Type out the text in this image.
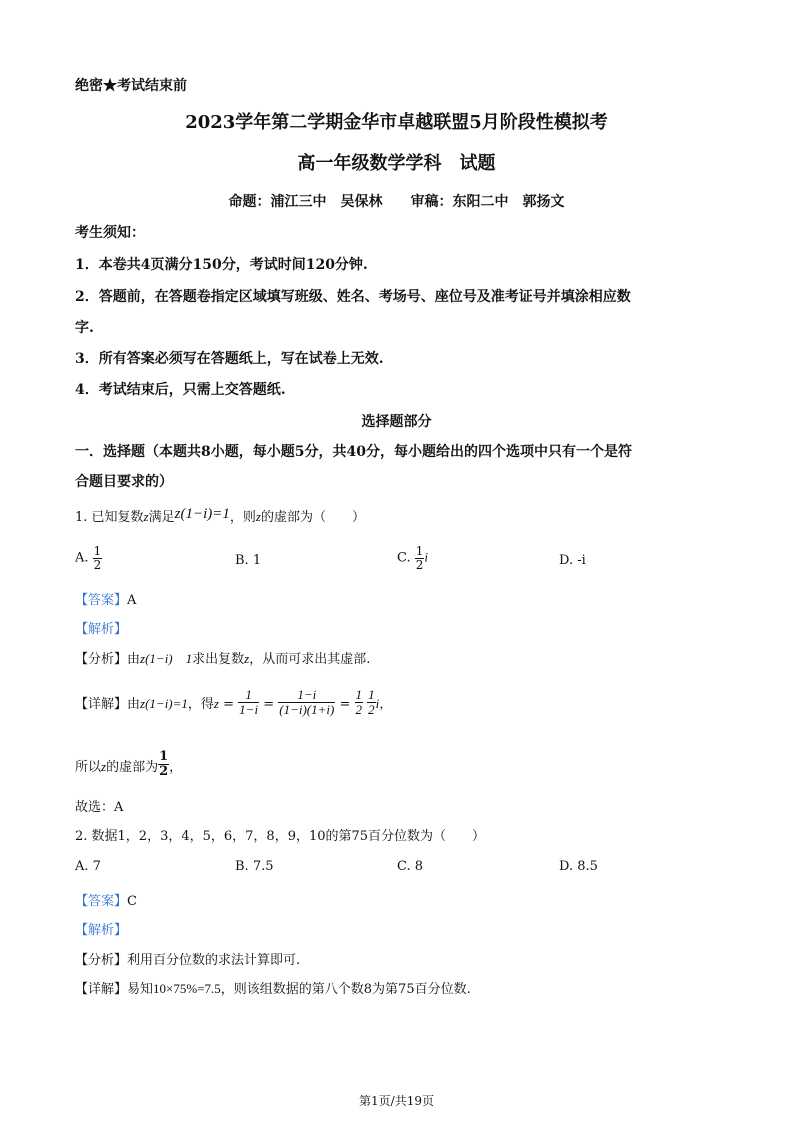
绝密★考试结束前
2023学年第二学期金华市卓越联盟5月阶段性模拟考
高一年级数学学科　试题
命题：浦江三中　吴保林　　审稿：东阳二中　郭扬文
考生须知：
1．本卷共4页满分150分，考试时间120分钟.
2．答题前，在答题卷指定区域填写班级、姓名、考场号、座位号及准考证号并填涂相应数
字.
3．所有答案必须写在答题纸上，写在试卷上无效.
4．考试结束后，只需上交答题纸.
选择题部分
一．选择题（本题共8小题，每小题5分，共40分，每小题给出的四个选项中只有一个是符
合题目要求的）
1. 已知复数z满足z(1−i)=1，则z的虚部为（　　）
A. $\frac{1}{2}$	B. 1	C. $\frac{1}{2}$ i	D. -i
【答案】A
【解析】
【分析】由z(1−i)　1求出复数z，从而可求出其虚部.
【详解】由z(1−i)=1，得$z = \frac{1}{1-i} = \frac{1-i}{(1-i)(1+i)} = \frac{1}{2}$
$\frac{1}{2}$ i，
所以z的虚部为 $\frac{1}{2}$ ，
故选：A
2. 数据1，2，3，4，5，6，7，8，9，10的第75百分位数为（　　）
A. 7	B. 7.5	C. 8	D. 8.5
【答案】C
【解析】
【分析】利用百分位数的求法计算即可.
【详解】易知10×75%=7.5，则该组数据的第八个数8为第75百分位数.
第1页/共19页
